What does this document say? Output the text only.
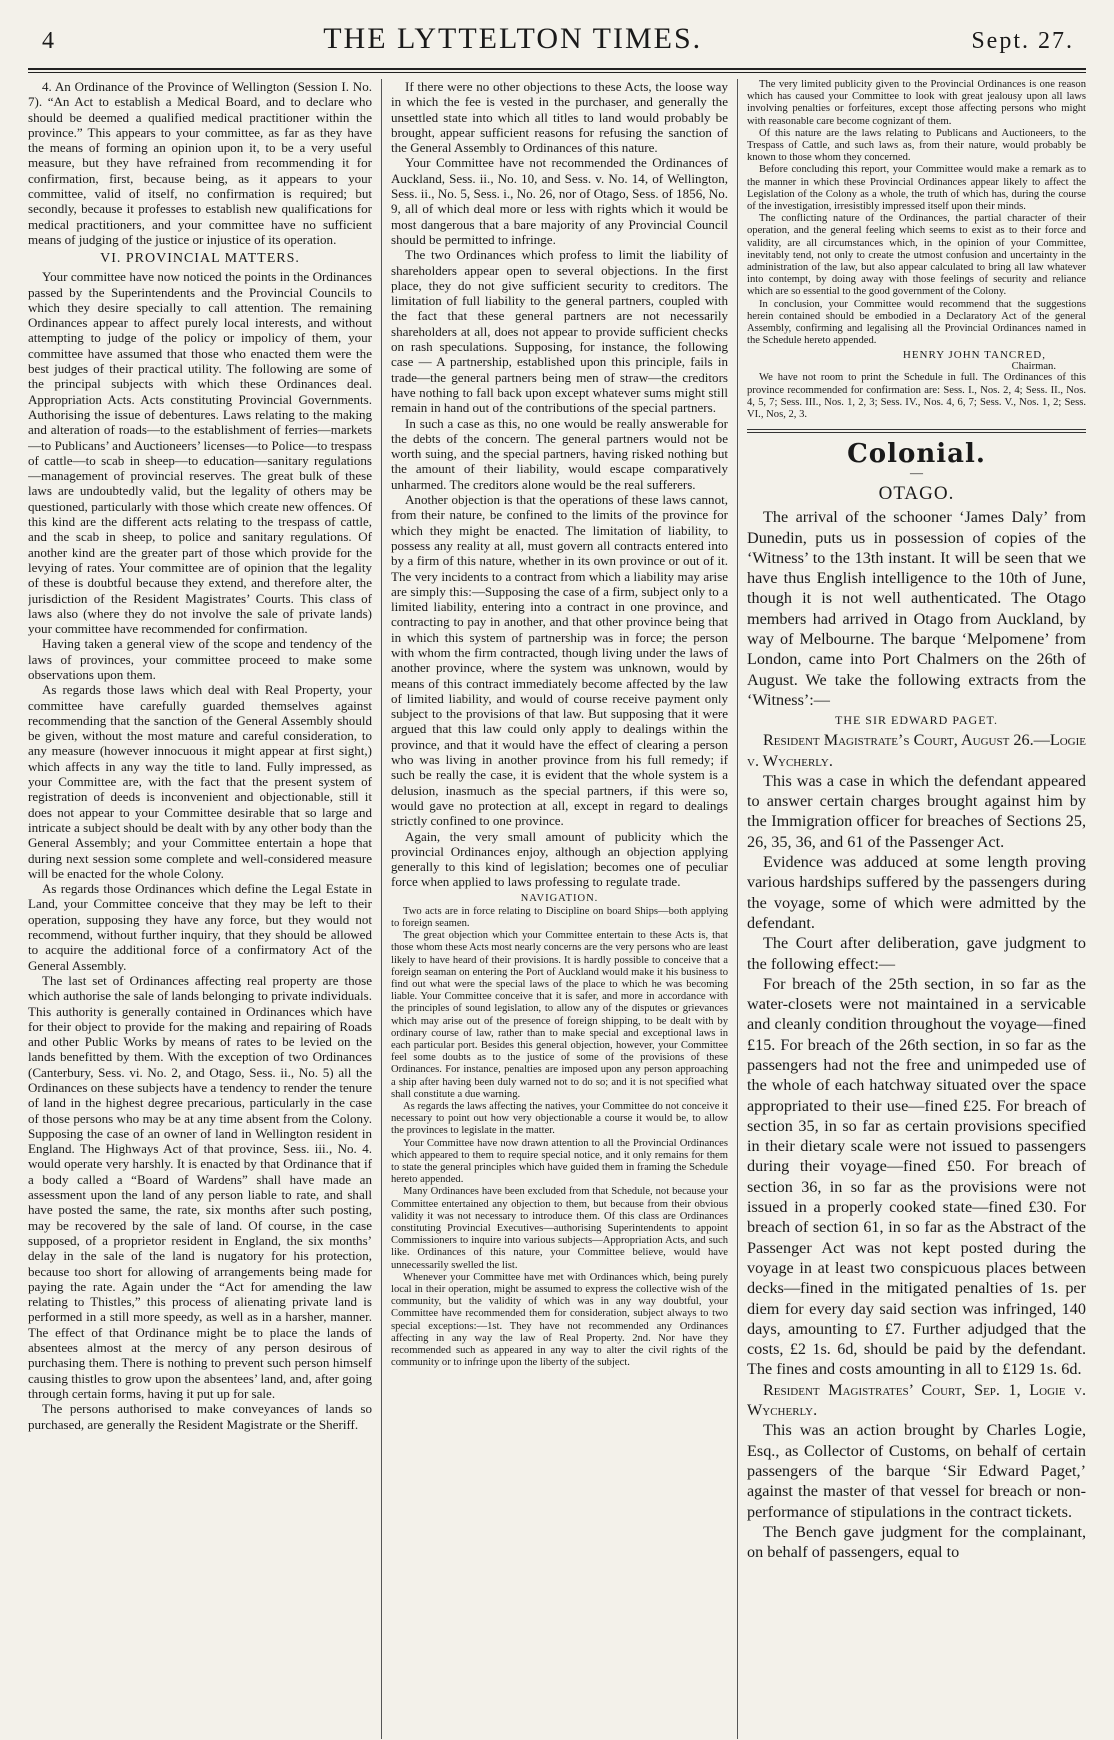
4	THE LYTTELTON TIMES.	Sept. 27.

4. An Ordinance of the Province of Wellington (Session I. No. 7). “An Act to establish a Medical Board, and to declare who should be deemed a qualified medical practitioner within the province.” This appears to your committee, as far as they have the means of forming an opinion upon it, to be a very useful measure, but they have refrained from recommending it for confirmation, first, because being, as it appears to your committee, valid of itself, no confirmation is required; but secondly, because it professes to establish new qualifications for medical practitioners, and your committee have no sufficient means of judging of the justice or injustice of its operation.

VI. PROVINCIAL MATTERS.

Your committee have now noticed the points in the Ordinances passed by the Superintendents and the Provincial Councils to which they desire specially to call attention. The remaining Ordinances appear to affect purely local interests, and without attempting to judge of the policy or impolicy of them, your committee have assumed that those who enacted them were the best judges of their practical utility. The following are some of the principal subjects with which these Ordinances deal. Appropriation Acts. Acts constituting Provincial Governments. Authorising the issue of debentures. Laws relating to the making and alteration of roads—to the establishment of ferries—markets—to Publicans’ and Auctioneers’ licenses—to Police—to trespass of cattle—to scab in sheep—to education—sanitary regulations—management of provincial reserves. The great bulk of these laws are undoubtedly valid, but the legality of others may be questioned, particularly with those which create new offences. Of this kind are the different acts relating to the trespass of cattle, and the scab in sheep, to police and sanitary regulations. Of another kind are the greater part of those which provide for the levying of rates. Your committee are of opinion that the legality of these is doubtful because they extend, and therefore alter, the jurisdiction of the Resident Magistrates’ Courts. This class of laws also (where they do not involve the sale of private lands) your committee have recommended for confirmation.

Having taken a general view of the scope and tendency of the laws of provinces, your committee proceed to make some observations upon them.

As regards those laws which deal with Real Property, your committee have carefully guarded themselves against recommending that the sanction of the General Assembly should be given, without the most mature and careful consideration, to any measure (however innocuous it might appear at first sight,) which affects in any way the title to land. Fully impressed, as your Committee are, with the fact that the present system of registration of deeds is inconvenient and objectionable, still it does not appear to your Committee desirable that so large and intricate a subject should be dealt with by any other body than the General Assembly; and your Committee entertain a hope that during next session some complete and well-considered measure will be enacted for the whole Colony.

As regards those Ordinances which define the Legal Estate in Land, your Committee conceive that they may be left to their operation, supposing they have any force, but they would not recommend, without further inquiry, that they should be allowed to acquire the additional force of a confirmatory Act of the General Assembly.

The last set of Ordinances affecting real property are those which authorise the sale of lands belonging to private individuals. This authority is generally contained in Ordinances which have for their object to provide for the making and repairing of Roads and other Public Works by means of rates to be levied on the lands benefitted by them. With the exception of two Ordinances (Canterbury, Sess. vi. No. 2, and Otago, Sess. ii., No. 5) all the Ordinances on these subjects have a tendency to render the tenure of land in the highest degree precarious, particularly in the case of those persons who may be at any time absent from the Colony. Supposing the case of an owner of land in Wellington resident in England. The Highways Act of that province, Sess. iii., No. 4. would operate very harshly. It is enacted by that Ordinance that if a body called a “Board of Wardens” shall have made an assessment upon the land of any person liable to rate, and shall have posted the same, the rate, six months after such posting, may be recovered by the sale of land. Of course, in the case supposed, of a proprietor resident in England, the six months’ delay in the sale of the land is nugatory for his protection, because too short for allowing of arrangements being made for paying the rate. Again under the “Act for amending the law relating to Thistles,” this process of alienating private land is performed in a still more speedy, as well as in a harsher, manner. The effect of that Ordinance might be to place the lands of absentees almost at the mercy of any person desirous of purchasing them. There is nothing to prevent such person himself causing thistles to grow upon the absentees’ land, and, after going through certain forms, having it put up for sale.

The persons authorised to make conveyances of lands so purchased, are generally the Resident Magistrate or the Sheriff.

If there were no other objections to these Acts, the loose way in which the fee is vested in the purchaser, and generally the unsettled state into which all titles to land would probably be brought, appear sufficient reasons for refusing the sanction of the General Assembly to Ordinances of this nature.

Your Committee have not recommended the Ordinances of Auckland, Sess. ii., No. 10, and Sess. v. No. 14, of Wellington, Sess. ii., No. 5, Sess. i., No. 26, nor of Otago, Sess. of 1856, No. 9, all of which deal more or less with rights which it would be most dangerous that a bare majority of any Provincial Council should be permitted to infringe.

The two Ordinances which profess to limit the liability of shareholders appear open to several objections. In the first place, they do not give sufficient security to creditors. The limitation of full liability to the general partners, coupled with the fact that these general partners are not necessarily shareholders at all, does not appear to provide sufficient checks on rash speculations. Supposing, for instance, the following case — A partnership, established upon this principle, fails in trade—the general partners being men of straw—the creditors have nothing to fall back upon except whatever sums might still remain in hand out of the contributions of the special partners.

In such a case as this, no one would be really answerable for the debts of the concern. The general partners would not be worth suing, and the special partners, having risked nothing but the amount of their liability, would escape comparatively unharmed. The creditors alone would be the real sufferers.

Another objection is that the operations of these laws cannot, from their nature, be confined to the limits of the province for which they might be enacted. The limitation of liability, to possess any reality at all, must govern all contracts entered into by a firm of this nature, whether in its own province or out of it. The very incidents to a contract from which a liability may arise are simply this:—Supposing the case of a firm, subject only to a limited liability, entering into a contract in one province, and contracting to pay in another, and that other province being that in which this system of partnership was in force; the person with whom the firm contracted, though living under the laws of another province, where the system was unknown, would by means of this contract immediately become affected by the law of limited liability, and would of course receive payment only subject to the provisions of that law. But supposing that it were argued that this law could only apply to dealings within the province, and that it would have the effect of clearing a person who was living in another province from his full remedy; if such be really the case, it is evident that the whole system is a delusion, inasmuch as the special partners, if this were so, would gave no protection at all, except in regard to dealings strictly confined to one province.

Again, the very small amount of publicity which the provincial Ordinances enjoy, although an objection applying generally to this kind of legislation; becomes one of peculiar force when applied to laws professing to regulate trade.

NAVIGATION.

Two acts are in force relating to Discipline on board Ships—both applying to foreign seamen.

The great objection which your Committee entertain to these Acts is, that those whom these Acts most nearly concerns are the very persons who are least likely to have heard of their provisions. It is hardly possible to conceive that a foreign seaman on entering the Port of Auckland would make it his business to find out what were the special laws of the place to which he was becoming liable. Your Committee conceive that it is safer, and more in accordance with the principles of sound legislation, to allow any of the disputes or grievances which may arise out of the presence of foreign shipping, to be dealt with by ordinary course of law, rather than to make special and exceptional laws in each particular port. Besides this general objection, however, your Committee feel some doubts as to the justice of some of the provisions of these Ordinances. For instance, penalties are imposed upon any person approaching a ship after having been duly warned not to do so; and it is not specified what shall constitute a due warning.

As regards the laws affecting the natives, your Committee do not conceive it necessary to point out how very objectionable a course it would be, to allow the provinces to legislate in the matter.

Your Committee have now drawn attention to all the Provincial Ordinances which appeared to them to require special notice, and it only remains for them to state the general principles which have guided them in framing the Schedule hereto appended.

Many Ordinances have been excluded from that Schedule, not because your Committee entertained any objection to them, but because from their obvious validity it was not necessary to introduce them. Of this class are Ordinances constituting Provincial Executives—authorising Superintendents to appoint Commissioners to inquire into various subjects—Appropriation Acts, and such like. Ordinances of this nature, your Committee believe, would have unnecessarily swelled the list.

Whenever your Committee have met with Ordinances which, being purely local in their operation, might be assumed to express the collective wish of the community, but the validity of which was in any way doubtful, your Committee have recommended them for consideration, subject always to two special exceptions:—1st. They have not recommended any Ordinances affecting in any way the law of Real Property. 2nd. Nor have they recommended such as appeared in any way to alter the civil rights of the community or to infringe upon the liberty of the subject.

The very limited publicity given to the Provincial Ordinances is one reason which has caused your Committee to look with great jealousy upon all laws involving penalties or forfeitures, except those affecting persons who might with reasonable care become cognizant of them.

Of this nature are the laws relating to Publicans and Auctioneers, to the Trespass of Cattle, and such laws as, from their nature, would probably be known to those whom they concerned.

Before concluding this report, your Committee would make a remark as to the manner in which these Provincial Ordinances appear likely to affect the Legislation of the Colony as a whole, the truth of which has, during the course of the investigation, irresistibly impressed itself upon their minds.

The conflicting nature of the Ordinances, the partial character of their operation, and the general feeling which seems to exist as to their force and validity, are all circumstances which, in the opinion of your Committee, inevitably tend, not only to create the utmost confusion and uncertainty in the administration of the law, but also appear calculated to bring all law whatever into contempt, by doing away with those feelings of security and reliance which are so essential to the good government of the Colony.

In conclusion, your Committee would recommend that the suggestions herein contained should be embodied in a Declaratory Act of the general Assembly, confirming and legalising all the Provincial Ordinances named in the Schedule hereto appended.

HENRY JOHN TANCRED,
Chairman.

We have not room to print the Schedule in full. The Ordinances of this province recommended for confirmation are: Sess. I., Nos. 2, 4; Sess. II., Nos. 4, 5, 7; Sess. III., Nos. 1, 2, 3; Sess. IV., Nos. 4, 6, 7; Sess. V., Nos. 1, 2; Sess. VI., Nos, 2, 3.

Colonial.
—
OTAGO.

The arrival of the schooner ‘James Daly’ from Dunedin, puts us in possession of copies of the ‘Witness’ to the 13th instant. It will be seen that we have thus English intelligence to the 10th of June, though it is not well authenticated. The Otago members had arrived in Otago from Auckland, by way of Melbourne. The barque ‘Melpomene’ from London, came into Port Chalmers on the 26th of August. We take the following extracts from the ‘Witness’:—

THE SIR EDWARD PAGET.

Resident Magistrate’s Court, August 26.—Logie v. Wycherly.

This was a case in which the defendant appeared to answer certain charges brought against him by the Immigration officer for breaches of Sections 25, 26, 35, 36, and 61 of the Passenger Act.

Evidence was adduced at some length proving various hardships suffered by the passengers during the voyage, some of which were admitted by the defendant.

The Court after deliberation, gave judgment to the following effect:—

For breach of the 25th section, in so far as the water-closets were not maintained in a servicable and cleanly condition throughout the voyage—fined £15. For breach of the 26th section, in so far as the passengers had not the free and unimpeded use of the whole of each hatchway situated over the space appropriated to their use—fined £25. For breach of section 35, in so far as certain provisions specified in their dietary scale were not issued to passengers during their voyage—fined £50. For breach of section 36, in so far as the provisions were not issued in a properly cooked state—fined £30. For breach of section 61, in so far as the Abstract of the Passenger Act was not kept posted during the voyage in at least two conspicuous places between decks—fined in the mitigated penalties of 1s. per diem for every day said section was infringed, 140 days, amounting to £7. Further adjudged that the costs, £2 1s. 6d, should be paid by the defendant. The fines and costs amounting in all to £129 1s. 6d.

Resident Magistrates’ Court, Sep. 1, Logie v. Wycherly.

This was an action brought by Charles Logie, Esq., as Collector of Customs, on behalf of certain passengers of the barque ‘Sir Edward Paget,’ against the master of that vessel for breach or non-performance of stipulations in the contract tickets.

The Bench gave judgment for the complainant, on behalf of passengers, equal to
